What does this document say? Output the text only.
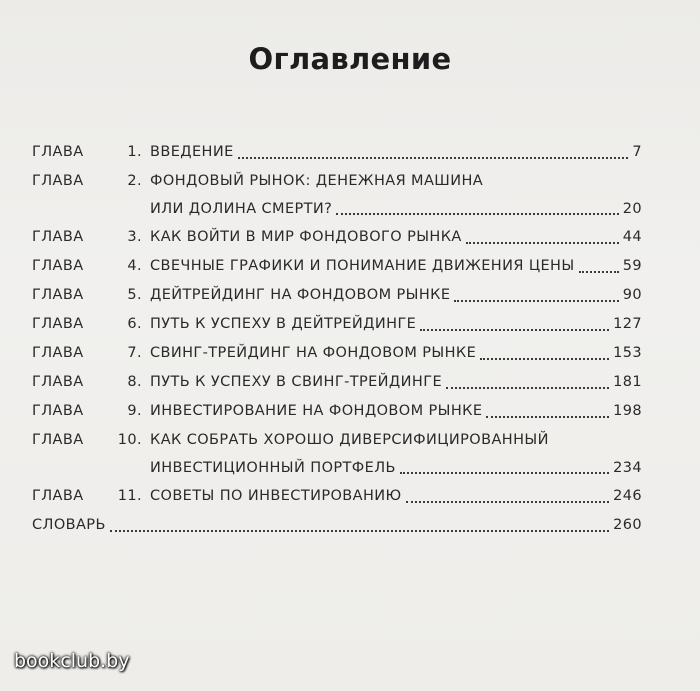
Оглавление
ГЛАВА	1. ВВЕДЕНИЕ	7
ГЛАВА	2. ФОНДОВЫЙ РЫНОК: ДЕНЕЖНАЯ МАШИНА
ИЛИ ДОЛИНА СМЕРТИ?	20
ГЛАВА	3. КАК ВОЙТИ В МИР ФОНДОВОГО РЫНКА	44
ГЛАВА	4. СВЕЧНЫЕ ГРАФИКИ И ПОНИМАНИЕ ДВИЖЕНИЯ ЦЕНЫ	59
ГЛАВА	5. ДЕЙТРЕЙДИНГ НА ФОНДОВОМ РЫНКЕ	90
ГЛАВА	6. ПУТЬ К УСПЕХУ В ДЕЙТРЕЙДИНГЕ	127
ГЛАВА	7. СВИНГ-ТРЕЙДИНГ НА ФОНДОВОМ РЫНКЕ	153
ГЛАВА	8. ПУТЬ К УСПЕХУ В СВИНГ-ТРЕЙДИНГЕ	181
ГЛАВА	9. ИНВЕСТИРОВАНИЕ НА ФОНДОВОМ РЫНКЕ	198
ГЛАВА	10. КАК СОБРАТЬ ХОРОШО ДИВЕРСИФИЦИРОВАННЫЙ
ИНВЕСТИЦИОННЫЙ ПОРТФЕЛЬ	234
ГЛАВА	11. СОВЕТЫ ПО ИНВЕСТИРОВАНИЮ	246
СЛОВАРЬ	260
bookclub.by
